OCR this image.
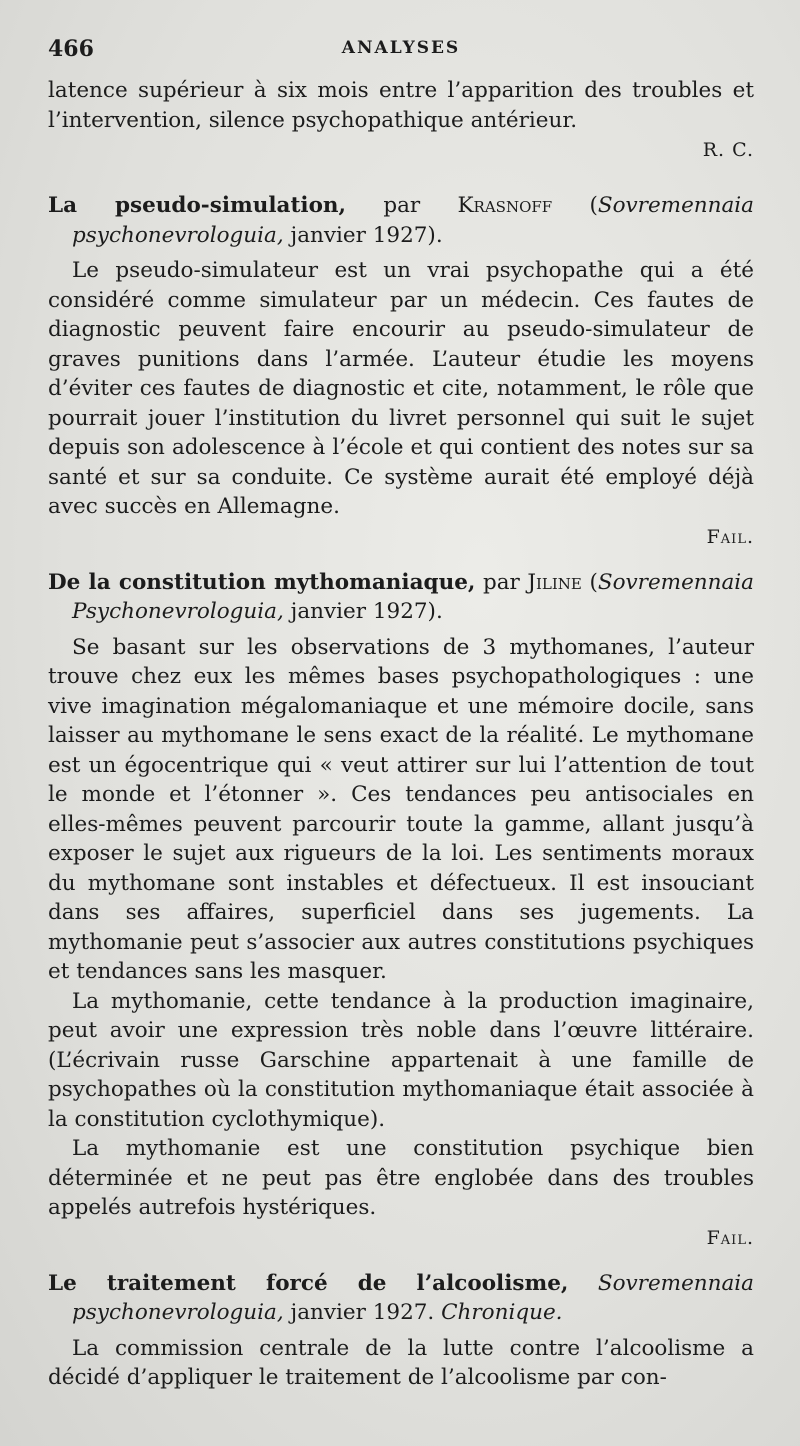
466	ANALYSES

latence supérieur à six mois entre l’apparition des troubles et l’intervention, silence psychopathique antérieur.

R. C.
La pseudo-simulation, par Krasnoff (Sovremennaia psychonevrologuia, janvier 1927).

Le pseudo-simulateur est un vrai psychopathe qui a été considéré comme simulateur par un médecin. Ces fautes de diagnostic peuvent faire encourir au pseudo-simulateur de graves punitions dans l’armée. L’auteur étudie les moyens d’éviter ces fautes de diagnostic et cite, notamment, le rôle que pourrait jouer l’institution du livret personnel qui suit le sujet depuis son adolescence à l’école et qui contient des notes sur sa santé et sur sa conduite. Ce système aurait été employé déjà avec succès en Allemagne.

Fail.
De la constitution mythomaniaque, par Jiline (Sovremennaia Psychonevrologuia, janvier 1927).

Se basant sur les observations de 3 mythomanes, l’auteur trouve chez eux les mêmes bases psychopathologiques : une vive imagination mégalomaniaque et une mémoire docile, sans laisser au mythomane le sens exact de la réalité. Le mythomane est un égocentrique qui « veut attirer sur lui l’attention de tout le monde et l’étonner ». Ces tendances peu antisociales en elles-mêmes peuvent parcourir toute la gamme, allant jusqu’à exposer le sujet aux rigueurs de la loi. Les sentiments moraux du mythomane sont instables et défectueux. Il est insouciant dans ses affaires, superficiel dans ses jugements. La mythomanie peut s’associer aux autres constitutions psychiques et tendances sans les masquer.

La mythomanie, cette tendance à la production imaginaire, peut avoir une expression très noble dans l’œuvre littéraire. (L’écrivain russe Garschine appartenait à une famille de psychopathes où la constitution mythomaniaque était associée à la constitution cyclothymique).

La mythomanie est une constitution psychique bien déterminée et ne peut pas être englobée dans des troubles appelés autrefois hystériques.

Fail.
Le traitement forcé de l’alcoolisme, Sovremennaia psychonevrologuia, janvier 1927. Chronique.

La commission centrale de la lutte contre l’alcoolisme a décidé d’appliquer le traitement de l’alcoolisme par con-
